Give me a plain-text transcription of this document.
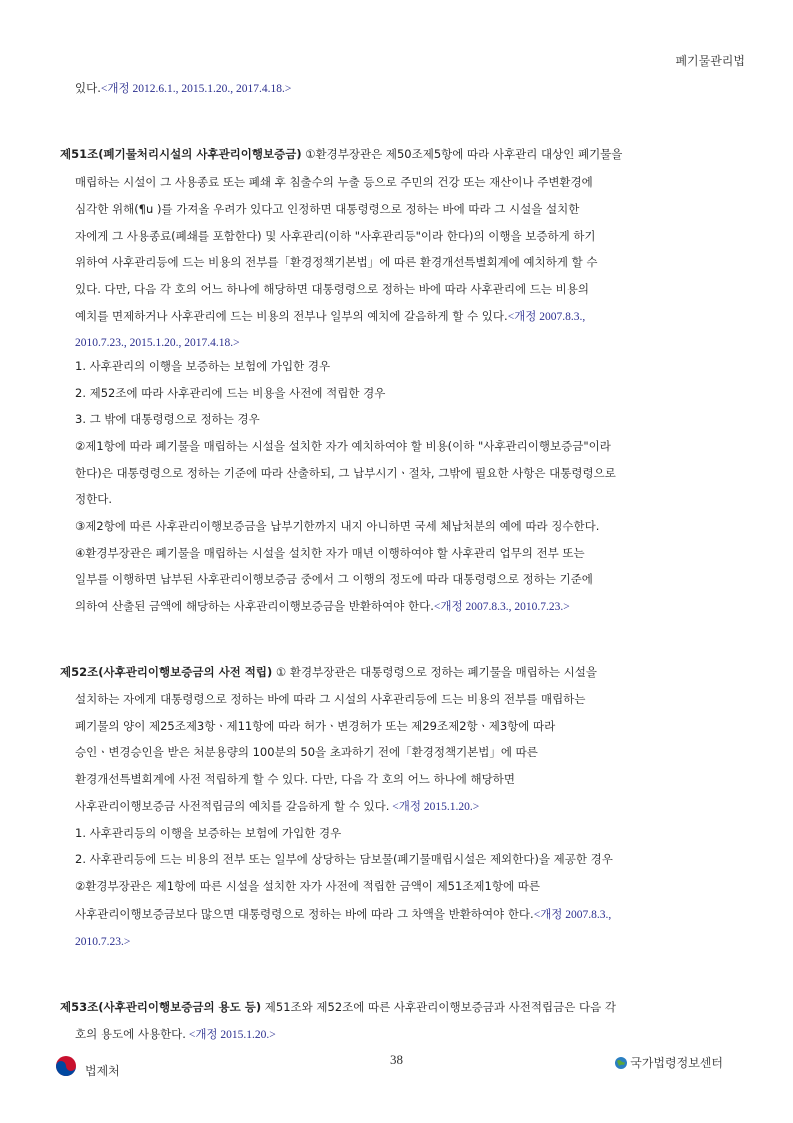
폐기물관리법
있다.<개정 2012.6.1., 2015.1.20., 2017.4.18.>
제51조(폐기물처리시설의 사후관리이행보증금) ①환경부장관은 제50조제5항에 따라 사후관리 대상인 폐기물을
매립하는 시설이 그 사용종료 또는 폐쇄 후 침출수의 누출 등으로 주민의 건강 또는 재산이나 주변환경에
심각한 위해(¶u )를 가져올 우려가 있다고 인정하면 대통령령으로 정하는 바에 따라 그 시설을 설치한
자에게 그 사용종료(폐쇄를 포함한다) 및 사후관리(이하 "사후관리등"이라 한다)의 이행을 보증하게 하기
위하여 사후관리등에 드는 비용의 전부를「환경정책기본법」에 따른 환경개선특별회계에 예치하게 할 수
있다. 다만, 다음 각 호의 어느 하나에 해당하면 대통령령으로 정하는 바에 따라 사후관리에 드는 비용의
예치를 면제하거나 사후관리에 드는 비용의 전부나 일부의 예치에 갈음하게 할 수 있다.<개정 2007.8.3.,
2010.7.23., 2015.1.20., 2017.4.18.>
1. 사후관리의 이행을 보증하는 보험에 가입한 경우
2. 제52조에 따라 사후관리에 드는 비용을 사전에 적립한 경우
3. 그 밖에 대통령령으로 정하는 경우
②제1항에 따라 폐기물을 매립하는 시설을 설치한 자가 예치하여야 할 비용(이하 "사후관리이행보증금"이라
한다)은 대통령령으로 정하는 기준에 따라 산출하되, 그 납부시기ㆍ절차, 그밖에 필요한 사항은 대통령령으로
정한다.
③제2항에 따른 사후관리이행보증금을 납부기한까지 내지 아니하면 국세 체납처분의 예에 따라 징수한다.
④환경부장관은 폐기물을 매립하는 시설을 설치한 자가 매년 이행하여야 할 사후관리 업무의 전부 또는
일부를 이행하면 납부된 사후관리이행보증금 중에서 그 이행의 정도에 따라 대통령령으로 정하는 기준에
의하여 산출된 금액에 해당하는 사후관리이행보증금을 반환하여야 한다.<개정 2007.8.3., 2010.7.23.>
제52조(사후관리이행보증금의 사전 적립) ① 환경부장관은 대통령령으로 정하는 폐기물을 매립하는 시설을
설치하는 자에게 대통령령으로 정하는 바에 따라 그 시설의 사후관리등에 드는 비용의 전부를 매립하는
폐기물의 양이 제25조제3항ㆍ제11항에 따라 허가ㆍ변경허가 또는 제29조제2항ㆍ제3항에 따라
승인ㆍ변경승인을 받은 처분용량의 100분의 50을 초과하기 전에「환경정책기본법」에 따른
환경개선특별회계에 사전 적립하게 할 수 있다. 다만, 다음 각 호의 어느 하나에 해당하면
사후관리이행보증금 사전적립금의 예치를 갈음하게 할 수 있다. <개정 2015.1.20.>
1. 사후관리등의 이행을 보증하는 보험에 가입한 경우
2. 사후관리등에 드는 비용의 전부 또는 일부에 상당하는 담보물(폐기물매립시설은 제외한다)을 제공한 경우
②환경부장관은 제1항에 따른 시설을 설치한 자가 사전에 적립한 금액이 제51조제1항에 따른
사후관리이행보증금보다 많으면 대통령령으로 정하는 바에 따라 그 차액을 반환하여야 한다.<개정 2007.8.3.,
2010.7.23.>
제53조(사후관리이행보증금의 용도 등) 제51조와 제52조에 따른 사후관리이행보증금과 사전적립금은 다음 각
호의 용도에 사용한다. <개정 2015.1.20.>
법제처
38	국가법령정보센터
